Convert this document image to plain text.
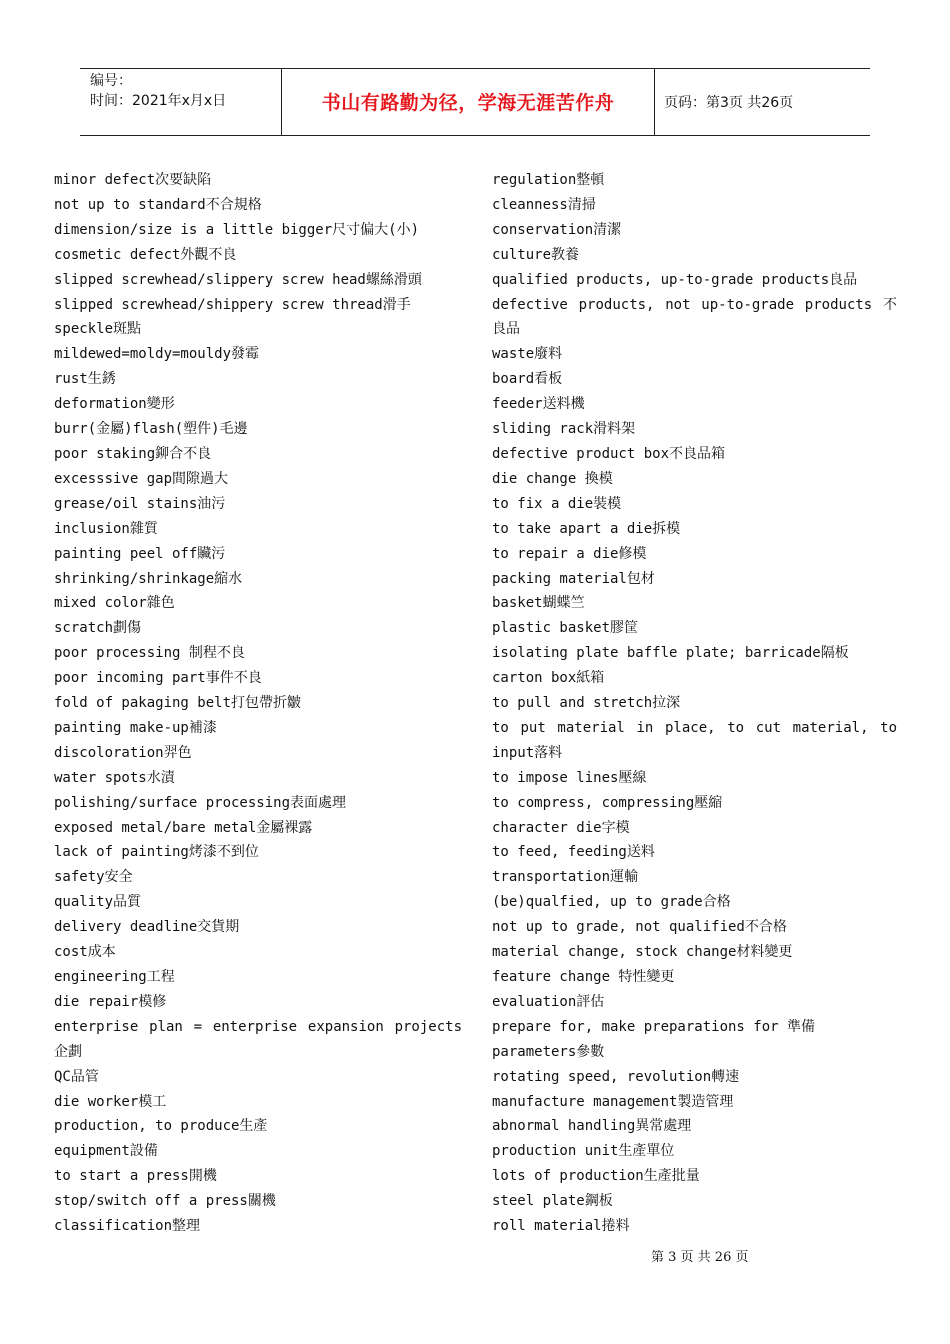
编号：
时间：2021年x月x日	书山有路勤为径，学海无涯苦作舟	页码：第3页 共26页
minor defect次要缺陷
not up to standard不合規格
dimension/size is a little bigger尺寸偏大(小)
cosmetic defect外觀不良
slipped screwhead/slippery screw head螺絲滑頭
slipped screwhead/shippery screw thread滑手
speckle斑點
mildewed=moldy=mouldy發霉
rust生銹
deformation變形
burr(金屬)flash(塑件)毛邊
poor staking鉚合不良
excesssive gap間隙過大
grease/oil stains油污
inclusion雜質
painting peel off贜污
shrinking/shrinkage縮水
mixed color雜色
scratch劃傷
poor processing 制程不良
poor incoming part事件不良
fold of pakaging belt打包帶折皺
painting make-up補漆
discoloration羿色
water spots水漬
polishing/surface processing表面處理
exposed metal/bare metal金屬裸露
lack of painting烤漆不到位
safety安全
quality品質
delivery deadline交貨期
cost成本
engineering工程
die repair模修
enterprise plan = enterprise expansion projects企劃
QC品管
die worker模工
production, to produce生產
equipment設備
to start a press開機
stop/switch off a press關機
classification整理
regulation整頓
cleanness清掃
conservation清潔
culture教養
qualified products, up-to-grade products良品
defective products, not up-to-grade products 不良品
waste廢料
board看板
feeder送料機
sliding rack滑料架
defective product box不良品箱
die change 換模
to fix a die裝模
to take apart a die拆模
to repair a die修模
packing material包材
basket蝴蝶竺
plastic basket膠筐
isolating plate baffle plate; barricade隔板
carton box紙箱
to pull and stretch拉深
to put material in place, to cut material, to input落料
to impose lines壓線
to compress, compressing壓縮
character die字模
to feed, feeding送料
transportation運輸
(be)qualfied, up to grade合格
not up to grade, not qualified不合格
material change, stock change材料變更
feature change 特性變更
evaluation評估
prepare for, make preparations for 準備
parameters參數
rotating speed, revolution轉速
manufacture management製造管理
abnormal handling異常處理
production unit生產單位
lots of production生產批量
steel plate鋼板
roll material捲料
第 3 页 共 26 页
